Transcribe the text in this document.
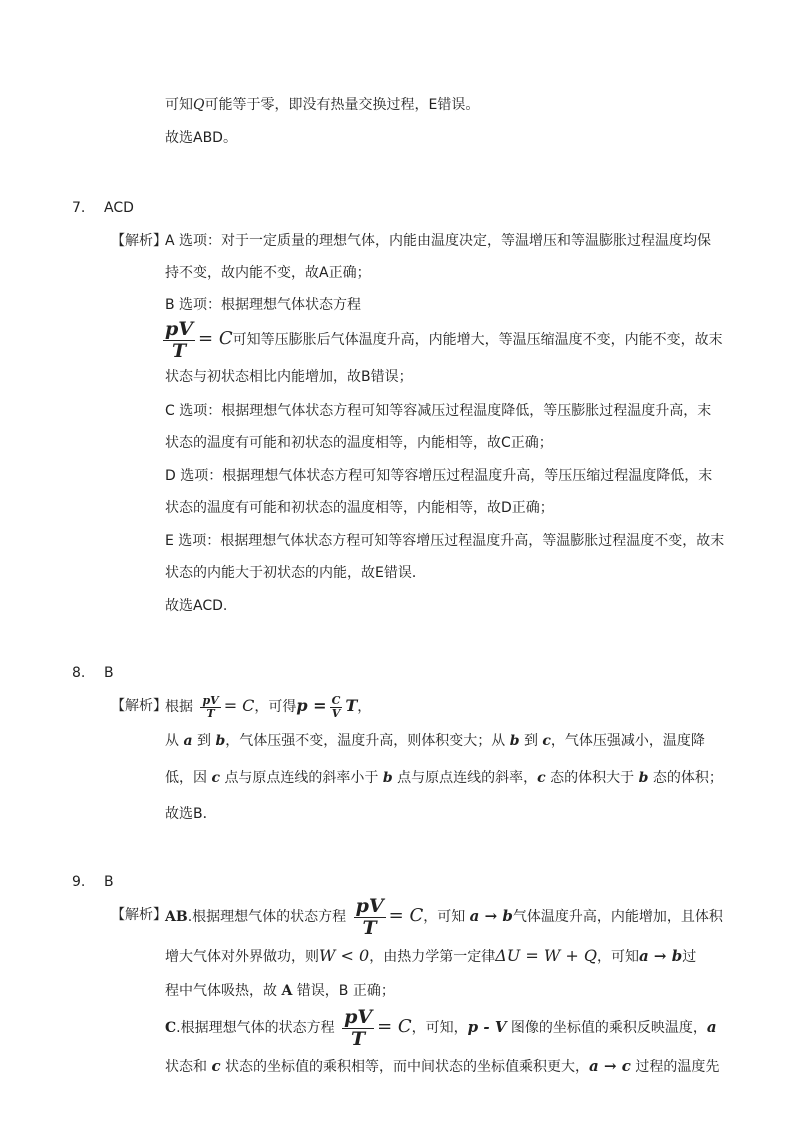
可知Q可能等于零，即没有热量交换过程，E错误。
故选ABD。
7. ACD
【解析】
A 选项：对于一定质量的理想气体，内能由温度决定，等温增压和等温膨胀过程温度均保
持不变，故内能不变，故A正确；
B 选项：根据理想气体状态方程
$\frac{pV}{T} = C$可知等压膨胀后气体温度升高，内能增大，等温压缩温度不变，内能不变，故末
状态与初状态相比内能增加，故B错误；
C 选项：根据理想气体状态方程可知等容减压过程温度降低，等压膨胀过程温度升高，末
状态的温度有可能和初状态的温度相等，内能相等，故C正确；
D 选项：根据理想气体状态方程可知等容增压过程温度升高，等压压缩过程温度降低，末
状态的温度有可能和初状态的温度相等，内能相等，故D正确；
E 选项：根据理想气体状态方程可知等容增压过程温度升高，等温膨胀过程温度不变，故末
状态的内能大于初状态的内能，故E错误．
故选ACD.
8. B
【解析】
根据 $\frac{pV}{T} = C$，可得$p = \frac{C}{V}$ T，
从 a 到 b，气体压强不变，温度升高，则体积变大；从 b 到 c，气体压强减小，温度降
低，因 c 点与原点连线的斜率小于 b 点与原点连线的斜率，c 态的体积大于 b 态的体积；
故选B．
9. B
【解析】
AB.根据理想气体的状态方程 $\frac{pV}{T} = C$，可知 a → b气体温度升高，内能增加，且体积
增大气体对外界做功，则W < 0，由热力学第一定律ΔU = W + Q，可知a → b过
程中气体吸热，故 A 错误，B 正确；
C.根据理想气体的状态方程 $\frac{pV}{T} = C$，可知，p - V 图像的坐标值的乘积反映温度，a
状态和 c 状态的坐标值的乘积相等，而中间状态的坐标值乘积更大，a → c 过程的温度先
